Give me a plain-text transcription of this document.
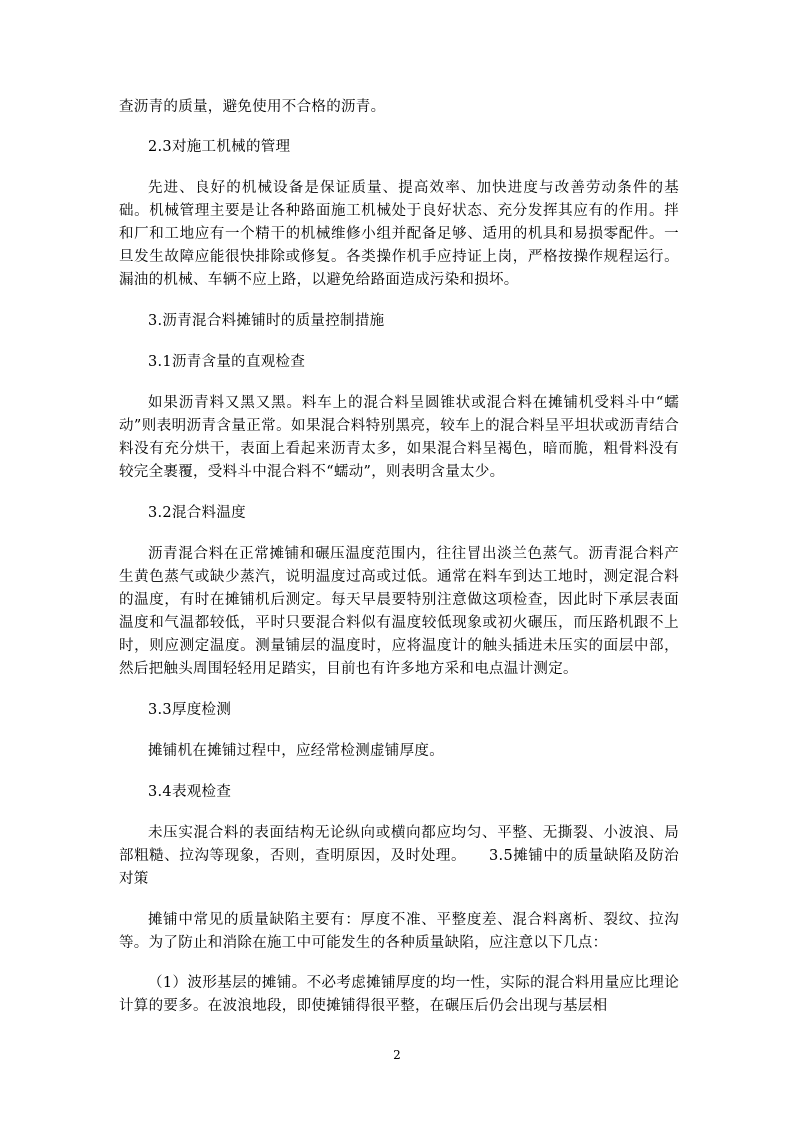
查沥青的质量，避免使用不合格的沥青。

2.3对施工机械的管理

先进、良好的机械设备是保证质量、提高效率、加快进度与改善劳动条件的基础。机械管理主要是让各种路面施工机械处于良好状态、充分发挥其应有的作用。拌和厂和工地应有一个精干的机械维修小组并配备足够、适用的机具和易损零配件。一旦发生故障应能很快排除或修复。各类操作机手应持证上岗，严格按操作规程运行。漏油的机械、车辆不应上路，以避免给路面造成污染和损坏。

3.沥青混合料摊铺时的质量控制措施

3.1沥青含量的直观检查

如果沥青料又黑又黑。料车上的混合料呈圆锥状或混合料在摊铺机受料斗中“蠕动”则表明沥青含量正常。如果混合料特别黑亮，较车上的混合料呈平坦状或沥青结合料没有充分烘干，表面上看起来沥青太多，如果混合料呈褐色，暗而脆，粗骨料没有较完全裹覆，受料斗中混合料不“蠕动”，则表明含量太少。

3.2混合料温度

沥青混合料在正常摊铺和碾压温度范围内，往往冒出淡兰色蒸气。沥青混合料产生黄色蒸气或缺少蒸汽，说明温度过高或过低。通常在料车到达工地时，测定混合料的温度，有时在摊铺机后测定。每天早晨要特别注意做这项检查，因此时下承层表面温度和气温都较低，平时只要混合料似有温度较低现象或初火碾压，而压路机跟不上时，则应测定温度。测量铺层的温度时，应将温度计的触头插进未压实的面层中部，然后把触头周围轻轻用足踏实，目前也有许多地方采和电点温计测定。

3.3厚度检测

摊铺机在摊铺过程中，应经常检测虚铺厚度。

3.4表观检查

未压实混合料的表面结构无论纵向或横向都应均匀、平整、无撕裂、小波浪、局部粗糙、拉沟等现象，否则，查明原因，及时处理。　　3.5摊铺中的质量缺陷及防治对策

摊铺中常见的质量缺陷主要有：厚度不准、平整度差、混合料离析、裂纹、拉沟等。为了防止和消除在施工中可能发生的各种质量缺陷，应注意以下几点：

（1）波形基层的摊铺。不必考虑摊铺厚度的均一性，实际的混合料用量应比理论计算的要多。在波浪地段，即使摊铺得很平整，在碾压后仍会出现与基层相

2
